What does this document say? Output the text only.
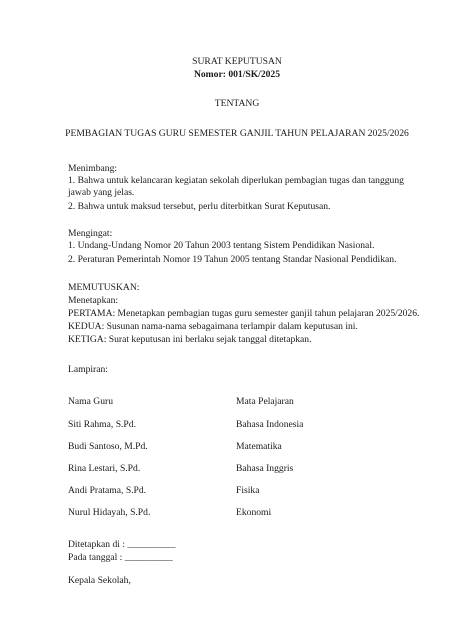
SURAT KEPUTUSAN
Nomor: 001/SK/2025
TENTANG
PEMBAGIAN TUGAS GURU SEMESTER GANJIL TAHUN PELAJARAN 2025/2026
Menimbang:
1. Bahwa untuk kelancaran kegiatan sekolah diperlukan pembagian tugas dan tanggung
jawab yang jelas.
2. Bahwa untuk maksud tersebut, perlu diterbitkan Surat Keputusan.
Mengingat:
1. Undang-Undang Nomor 20 Tahun 2003 tentang Sistem Pendidikan Nasional.
2. Peraturan Pemerintah Nomor 19 Tahun 2005 tentang Standar Nasional Pendidikan.
MEMUTUSKAN:
Menetapkan:
PERTAMA: Menetapkan pembagian tugas guru semester ganjil tahun pelajaran 2025/2026.
KEDUA: Susunan nama-nama sebagaimana terlampir dalam keputusan ini.
KETIGA: Surat keputusan ini berlaku sejak tanggal ditetapkan.
Lampiran:
Nama Guru	Mata Pelajaran
Siti Rahma, S.Pd.	Bahasa Indonesia
Budi Santoso, M.Pd.	Matematika
Rina Lestari, S.Pd.	Bahasa Inggris
Andi Pratama, S.Pd.	Fisika
Nurul Hidayah, S.Pd.	Ekonomi
Ditetapkan di : __________
Pada tanggal : __________
Kepala Sekolah,
